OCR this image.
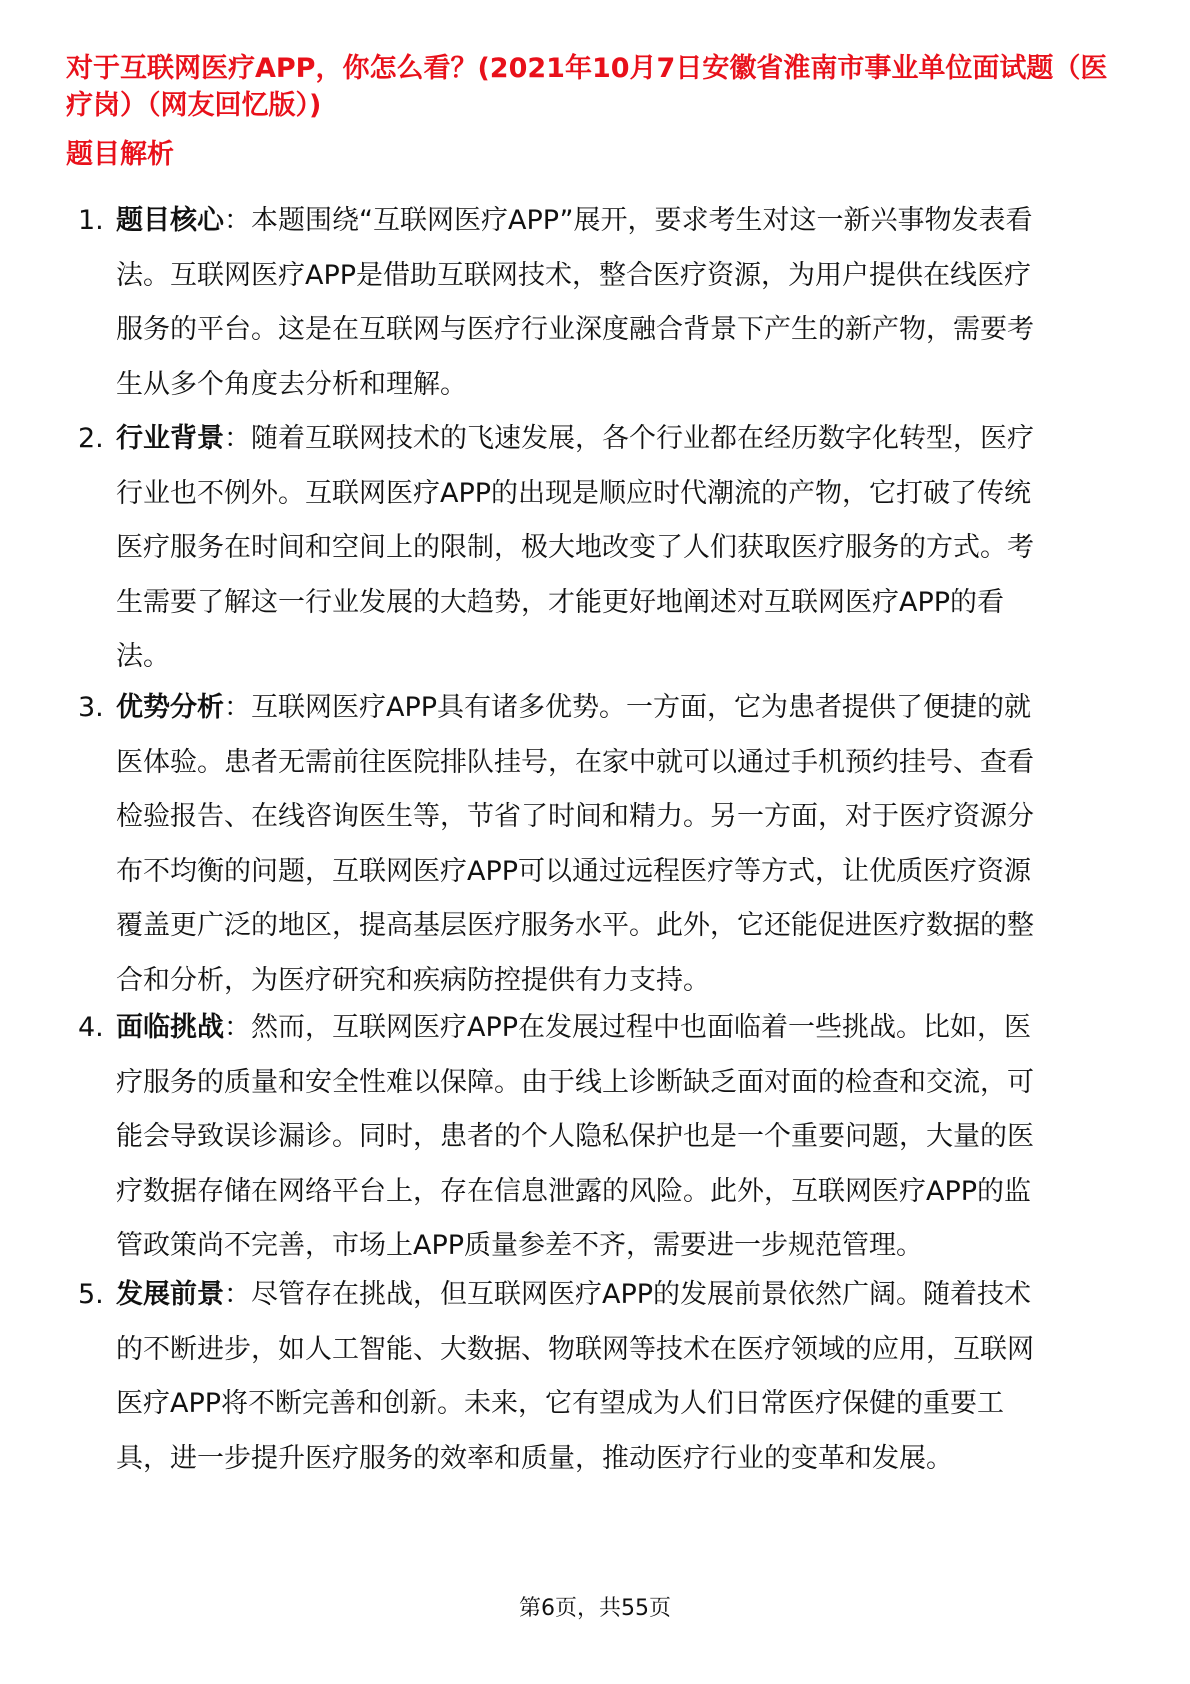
对于互联网医疗APP，你怎么看？(2021年10月7日安徽省淮南市事业单位面试题（医疗岗）（网友回忆版）)
题目解析
1. 题目核心：本题围绕“互联网医疗APP”展开，要求考生对这一新兴事物发表看法。互联网医疗APP是借助互联网技术，整合医疗资源，为用户提供在线医疗服务的平台。这是在互联网与医疗行业深度融合背景下产生的新产物，需要考生从多个角度去分析和理解。
2. 行业背景：随着互联网技术的飞速发展，各个行业都在经历数字化转型，医疗行业也不例外。互联网医疗APP的出现是顺应时代潮流的产物，它打破了传统医疗服务在时间和空间上的限制，极大地改变了人们获取医疗服务的方式。考生需要了解这一行业发展的大趋势，才能更好地阐述对互联网医疗APP的看法。
3. 优势分析：互联网医疗APP具有诸多优势。一方面，它为患者提供了便捷的就医体验。患者无需前往医院排队挂号，在家中就可以通过手机预约挂号、查看检验报告、在线咨询医生等，节省了时间和精力。另一方面，对于医疗资源分布不均衡的问题，互联网医疗APP可以通过远程医疗等方式，让优质医疗资源覆盖更广泛的地区，提高基层医疗服务水平。此外，它还能促进医疗数据的整合和分析，为医疗研究和疾病防控提供有力支持。
4. 面临挑战：然而，互联网医疗APP在发展过程中也面临着一些挑战。比如，医疗服务的质量和安全性难以保障。由于线上诊断缺乏面对面的检查和交流，可能会导致误诊漏诊。同时，患者的个人隐私保护也是一个重要问题，大量的医疗数据存储在网络平台上，存在信息泄露的风险。此外，互联网医疗APP的监管政策尚不完善，市场上APP质量参差不齐，需要进一步规范管理。
5. 发展前景：尽管存在挑战，但互联网医疗APP的发展前景依然广阔。随着技术的不断进步，如人工智能、大数据、物联网等技术在医疗领域的应用，互联网医疗APP将不断完善和创新。未来，它有望成为人们日常医疗保健的重要工具，进一步提升医疗服务的效率和质量，推动医疗行业的变革和发展。
第6页，共55页
